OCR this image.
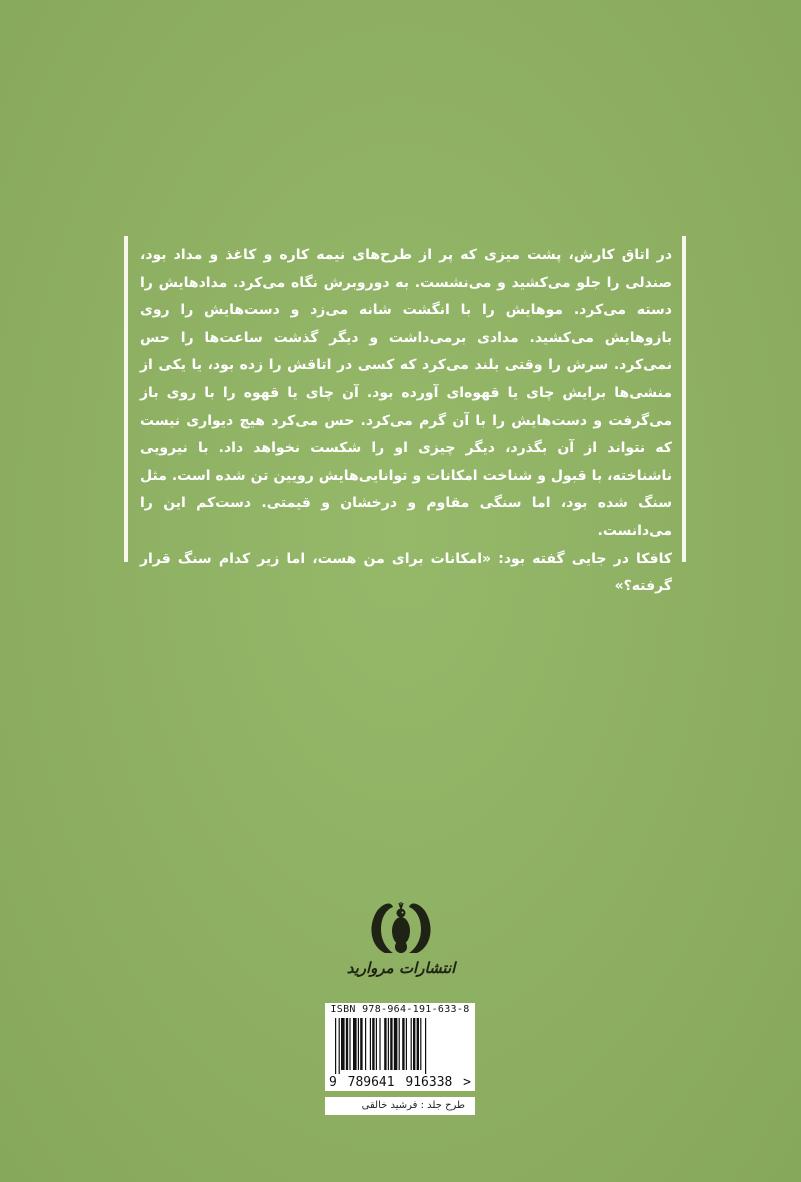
در اتاق کارش، پشت میزی که پر از طرح‌های نیمه کاره و کاغذ و مداد بود، صندلی را جلو می‌کشید و می‌نشست. به دوروبرش نگاه می‌کرد. مدادهایش را دسته می‌کرد. موهایش را با انگشت شانه می‌زد و دست‌هایش را روی بازوهایش می‌کشید. مدادی برمی‌داشت و دیگر گذشت ساعت‌ها را حس نمی‌کرد. سرش را وقتی بلند می‌کرد که کسی در اتاقش را زده بود، یا یکی از منشی‌ها برایش چای یا قهوه‌ای آورده بود. آن چای یا قهوه را با روی باز می‌گرفت و دست‌هایش را با آن گرم می‌کرد. حس می‌کرد هیچ دیواری نیست که نتواند از آن بگذرد، دیگر چیزی او را شکست نخواهد داد. با نیرویی ناشناخته، با قبول و شناخت امکانات و توانایی‌هایش رویین تن شده است. مثل سنگ شده بود، اما سنگی مقاوم و درخشان و قیمتی. دست‌کم این را می‌دانست.

کافکا در جایی گفته بود: «امکانات برای من هست، اما زیر کدام سنگ قرار گرفته؟»

انتشارات مروارید
ISBN 978-964-191-633-8
9 789641 916338 >
طرح جلد : فرشید خالقی
